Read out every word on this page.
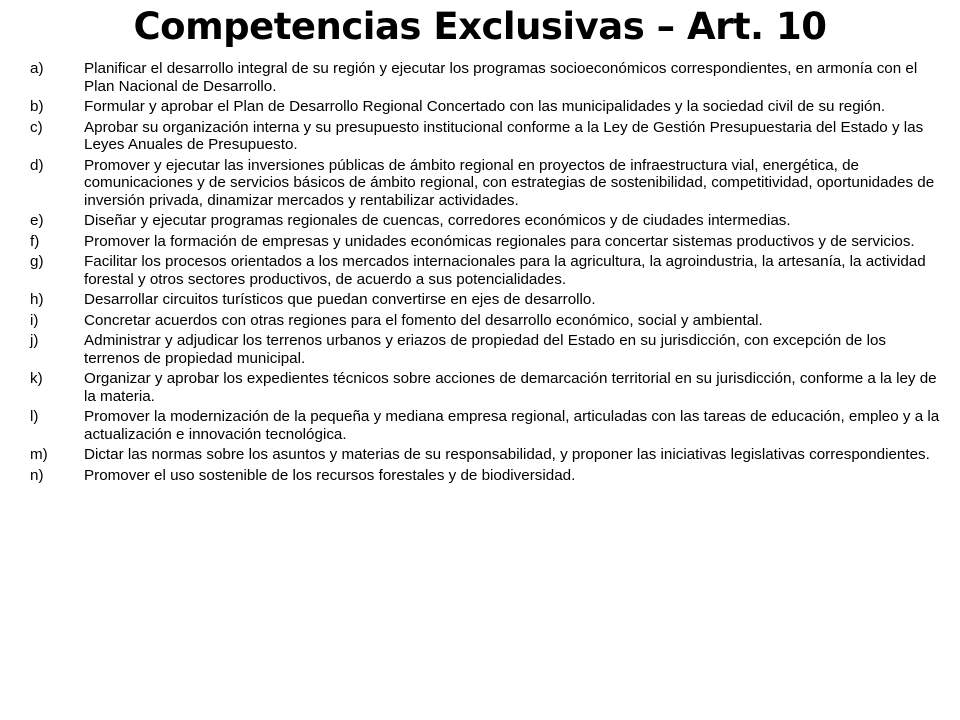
Competencias Exclusivas – Art. 10
a)	Planificar el desarrollo integral de su región y ejecutar los programas socioeconómicos correspondientes, en armonía con el Plan Nacional de Desarrollo.
b)	Formular y aprobar el Plan de Desarrollo Regional Concertado con las municipalidades y la sociedad civil de su región.
c)	Aprobar su organización interna y su presupuesto institucional conforme a la Ley de Gestión Presupuestaria del Estado y las Leyes Anuales de Presupuesto.
d)	Promover y ejecutar las inversiones públicas de ámbito regional en proyectos de infraestructura vial, energética, de comunicaciones y de servicios básicos de ámbito regional, con estrategias de sostenibilidad, competitividad, oportunidades de inversión privada, dinamizar mercados y rentabilizar actividades.
e)	Diseñar y ejecutar programas regionales de cuencas, corredores económicos y de ciudades intermedias.
f)	Promover la formación de empresas y unidades económicas regionales para concertar sistemas productivos y de servicios.
g)	Facilitar los procesos orientados a los mercados internacionales para la agricultura, la agroindustria, la artesanía, la actividad forestal y otros sectores productivos, de acuerdo a sus potencialidades.
h)	Desarrollar circuitos turísticos que puedan convertirse en ejes de desarrollo.
i)	Concretar acuerdos con otras regiones para el fomento del desarrollo económico, social y ambiental.
j)	Administrar y adjudicar los terrenos urbanos y eriazos de propiedad del Estado en su jurisdicción, con excepción de los terrenos de propiedad municipal.
k)	Organizar y aprobar los expedientes técnicos sobre acciones de demarcación territorial en su jurisdicción, conforme a la ley de la materia.
l)	Promover la modernización de la pequeña y mediana empresa regional, articuladas con las tareas de educación, empleo y a la actualización e innovación tecnológica.
m)	Dictar las normas sobre los asuntos y materias de su responsabilidad, y proponer las iniciativas legislativas correspondientes.
n)	Promover el uso sostenible de los recursos forestales y de biodiversidad.
